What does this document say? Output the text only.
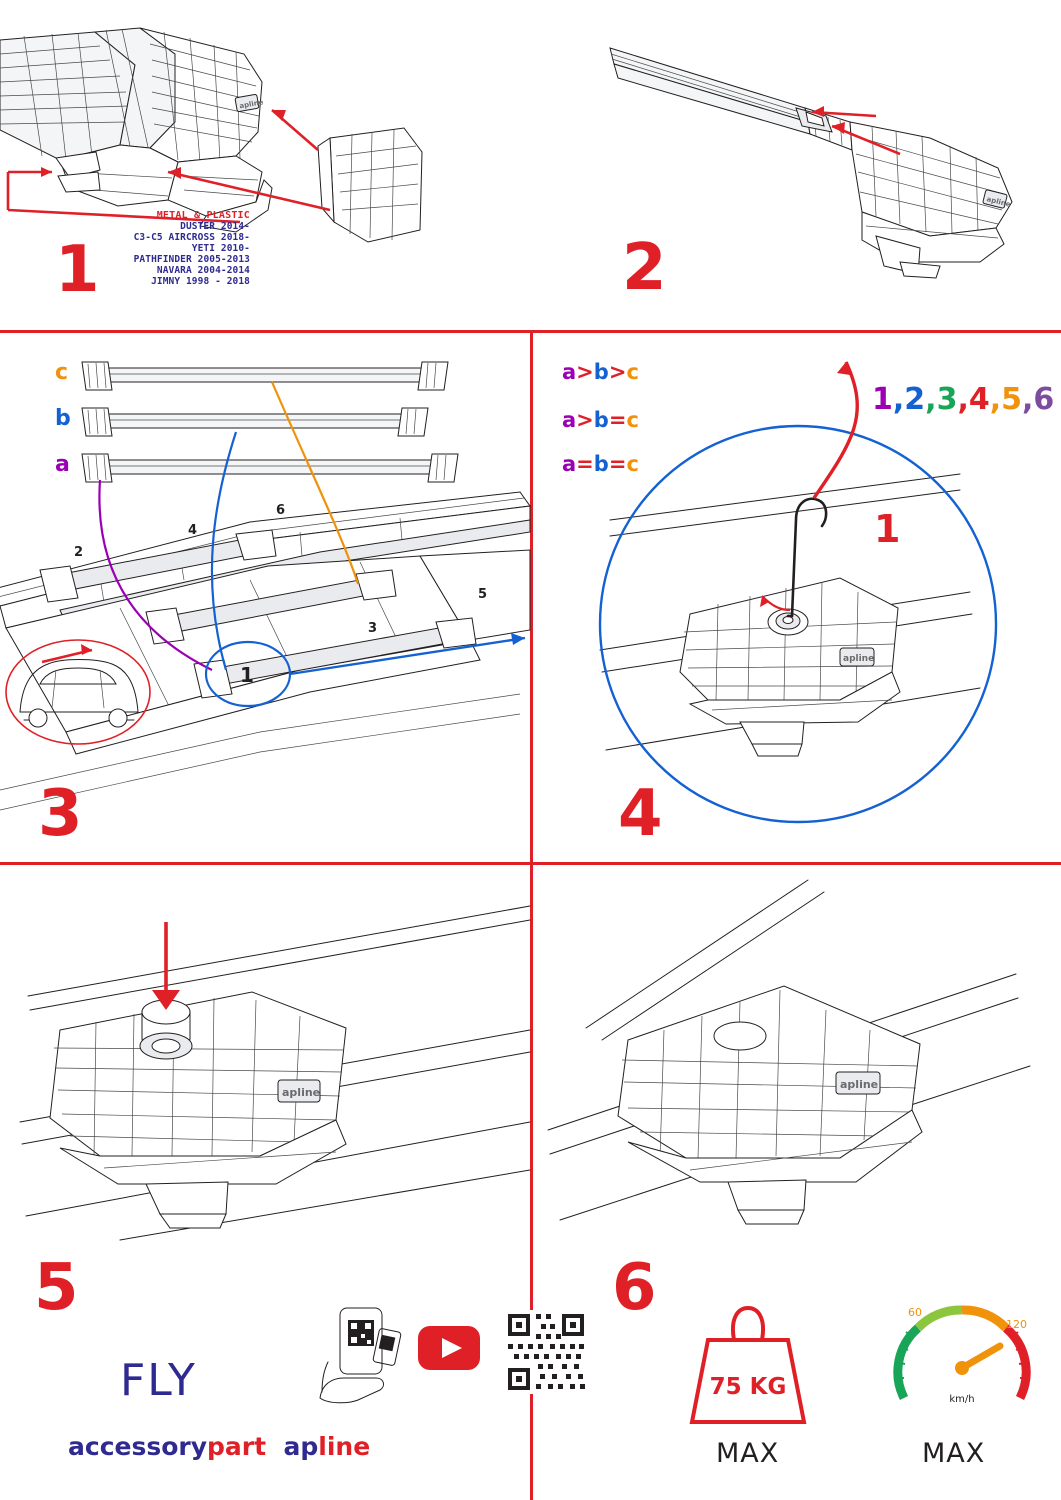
apline
METAL & PLASTIC
DUSTER 2014-
C3-C5 AIRCROSS 2018-
YETI 2010-
PATHFINDER 2005-2013
NAVARA 2004-2014
JIMNY 1998 - 2018
1
apline
2
2
4
6
3
5
1
c
b
a
a>b>c
a>b=c
a=b=c
3
apline
1
1,2,3,4,5,6
4
apline
5
FLY
accessorypart apline
apline
6
75 KG
MAX
60
120
km/h
MAX
